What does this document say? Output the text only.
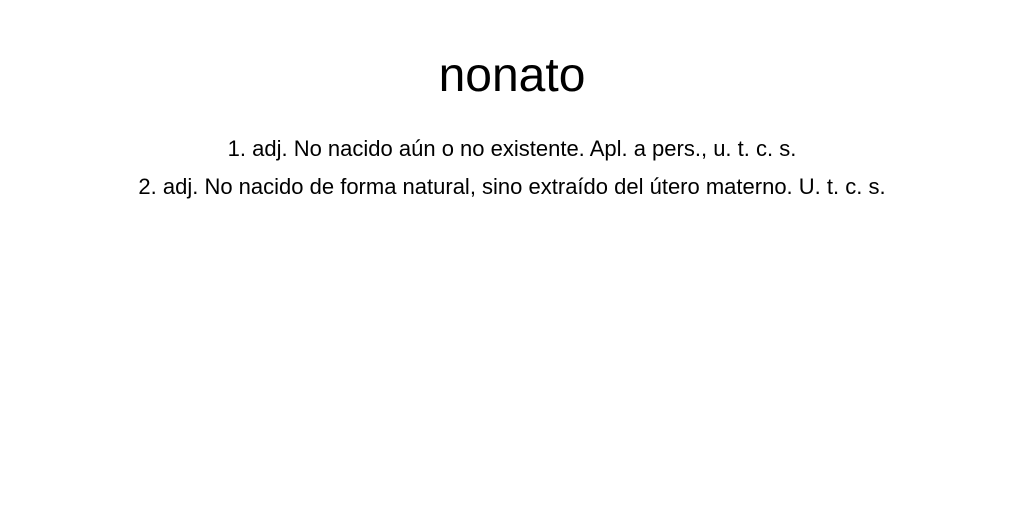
nonato
1. adj. No nacido aún o no existente. Apl. a pers., u. t. c. s.
2. adj. No nacido de forma natural, sino extraído del útero materno. U. t. c. s.
